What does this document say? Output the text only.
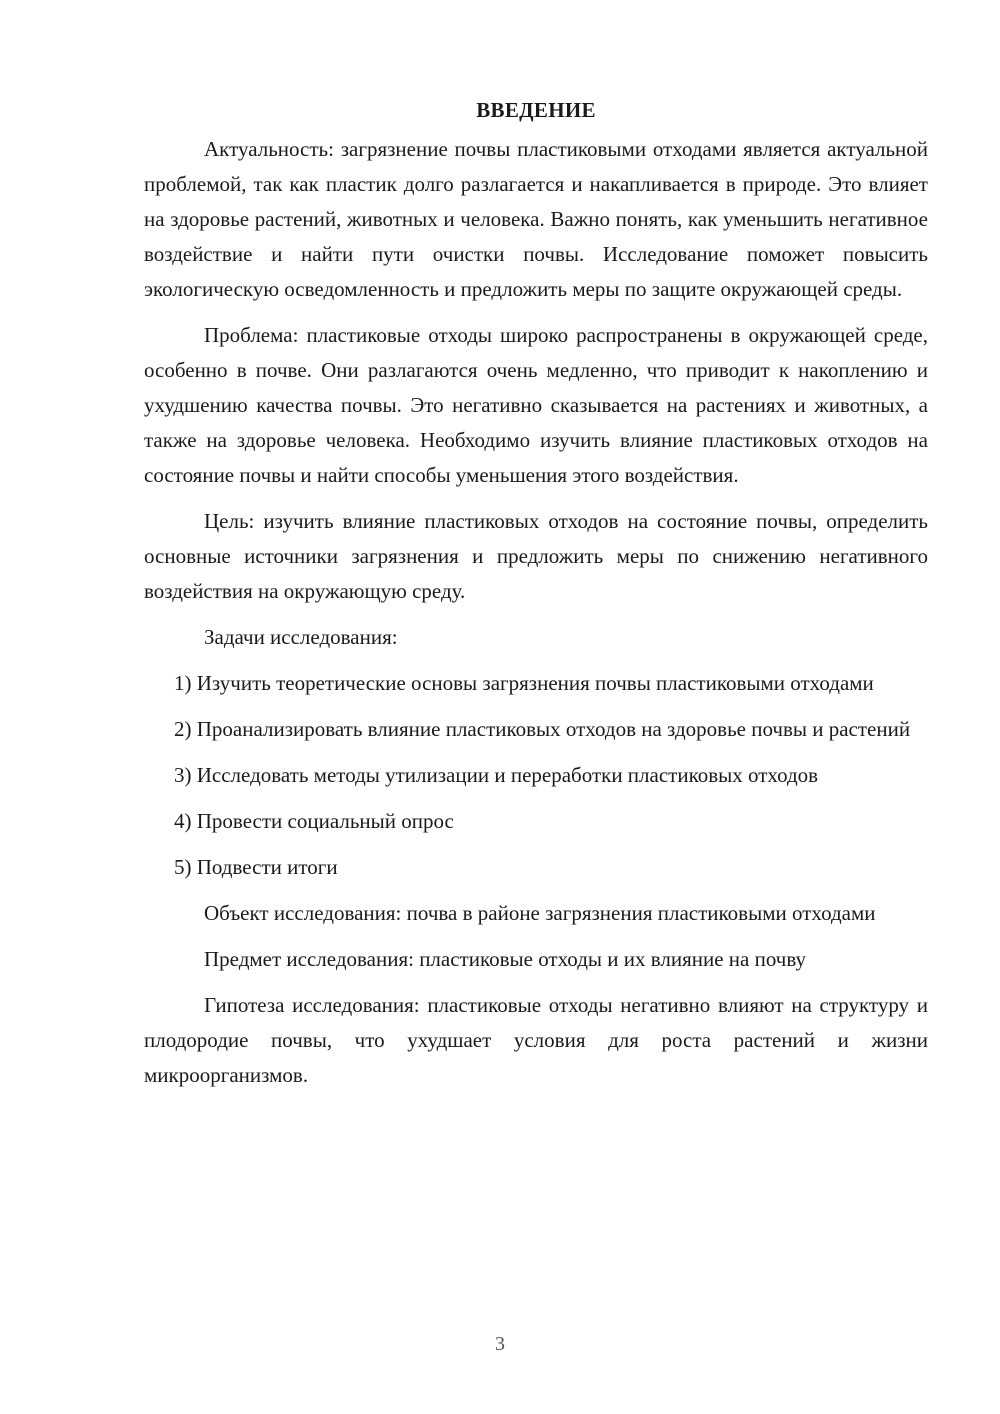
ВВЕДЕНИЕ

Актуальность: загрязнение почвы пластиковыми отходами является актуальной проблемой, так как пластик долго разлагается и накапливается в природе. Это влияет на здоровье растений, животных и человека. Важно понять, как уменьшить негативное воздействие и найти пути очистки почвы. Исследование поможет повысить экологическую осведомленность и предложить меры по защите окружающей среды.

Проблема: пластиковые отходы широко распространены в окружающей среде, особенно в почве. Они разлагаются очень медленно, что приводит к накоплению и ухудшению качества почвы. Это негативно сказывается на растениях и животных, а также на здоровье человека. Необходимо изучить влияние пластиковых отходов на состояние почвы и найти способы уменьшения этого воздействия.

Цель: изучить влияние пластиковых отходов на состояние почвы, определить основные источники загрязнения и предложить меры по снижению негативного воздействия на окружающую среду.

Задачи исследования:

1) Изучить теоретические основы загрязнения почвы пластиковыми отходами

2) Проанализировать влияние пластиковых отходов на здоровье почвы и растений

3) Исследовать методы утилизации и переработки пластиковых отходов

4) Провести социальный опрос

5) Подвести итоги

Объект исследования: почва в районе загрязнения пластиковыми отходами

Предмет исследования: пластиковые отходы и их влияние на почву

Гипотеза исследования: пластиковые отходы негативно влияют на структуру и плодородие почвы, что ухудшает условия для роста растений и жизни микроорганизмов.

3
